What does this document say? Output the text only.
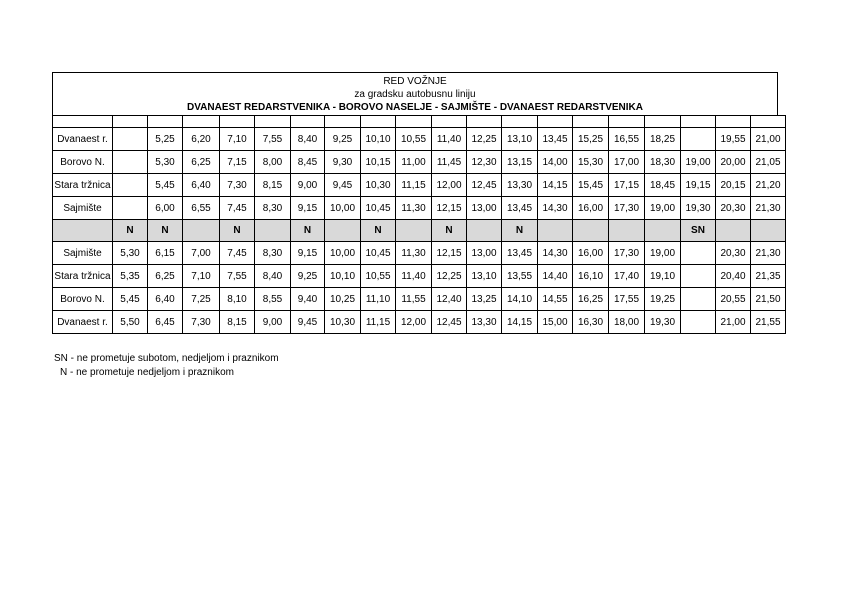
RED VOŽNJE
za gradsku autobusnu liniju
DVANAEST REDARSTVENIKA - BOROVO NASELJE - SAJMIŠTE - DVANAEST REDARSTVENIKA

Dvanaest r.		5,25	6,20	7,10	7,55	8,40	9,25	10,10	10,55	11,40	12,25	13,10	13,45	15,25	16,55	18,25		19,55	21,00
Borovo N.		5,30	6,25	7,15	8,00	8,45	9,30	10,15	11,00	11,45	12,30	13,15	14,00	15,30	17,00	18,30	19,00	20,00	21,05
Stara tržnica		5,45	6,40	7,30	8,15	9,00	9,45	10,30	11,15	12,00	12,45	13,30	14,15	15,45	17,15	18,45	19,15	20,15	21,20
Sajmište		6,00	6,55	7,45	8,30	9,15	10,00	10,45	11,30	12,15	13,00	13,45	14,30	16,00	17,30	19,00	19,30	20,30	21,30
	N	N		N		N		N		N		N					SN		
Sajmište	5,30	6,15	7,00	7,45	8,30	9,15	10,00	10,45	11,30	12,15	13,00	13,45	14,30	16,00	17,30	19,00		20,30	21,30
Stara tržnica	5,35	6,25	7,10	7,55	8,40	9,25	10,10	10,55	11,40	12,25	13,10	13,55	14,40	16,10	17,40	19,10		20,40	21,35
Borovo N.	5,45	6,40	7,25	8,10	8,55	9,40	10,25	11,10	11,55	12,40	13,25	14,10	14,55	16,25	17,55	19,25		20,55	21,50
Dvanaest r.	5,50	6,45	7,30	8,15	9,00	9,45	10,30	11,15	12,00	12,45	13,30	14,15	15,00	16,30	18,00	19,30		21,00	21,55
SN - ne prometuje subotom, nedjeljom i praznikom
N - ne prometuje nedjeljom i praznikom
